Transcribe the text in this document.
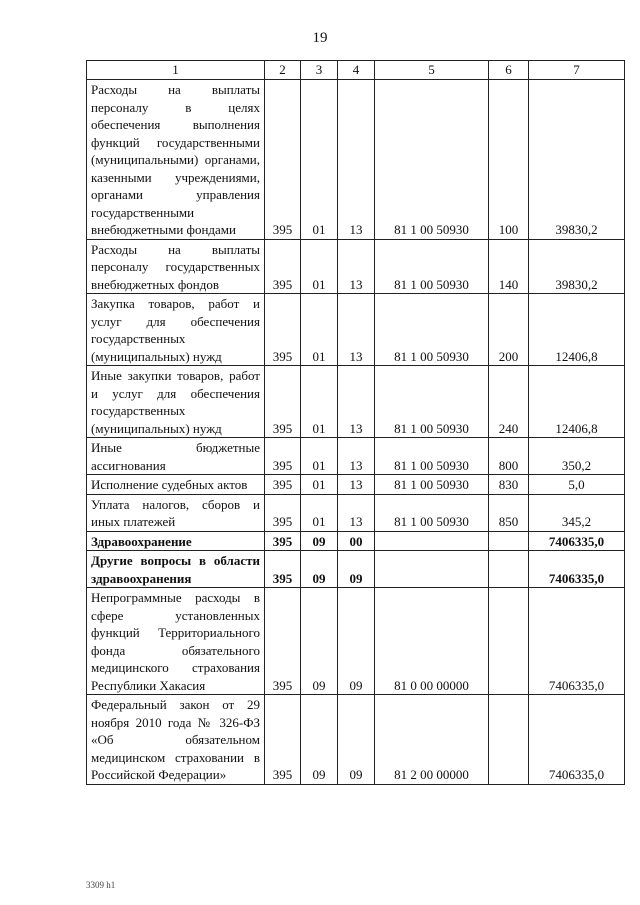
19
1	2	3	4	5	6	7
Расходы на выплаты персоналу в целях обеспечения выполнения функций государственными (муниципальными) органами, казенными учреждениями, органами управления государственными внебюджетными фондами	395	01	13	81 1 00 50930	100	39830,2
Расходы на выплаты персоналу государственных внебюджетных фондов	395	01	13	81 1 00 50930	140	39830,2
Закупка товаров, работ и услуг для обеспечения государственных (муниципальных) нужд	395	01	13	81 1 00 50930	200	12406,8
Иные закупки товаров, работ и услуг для обеспечения государственных (муниципальных) нужд	395	01	13	81 1 00 50930	240	12406,8
Иные бюджетные ассигнования	395	01	13	81 1 00 50930	800	350,2
Исполнение судебных актов	395	01	13	81 1 00 50930	830	5,0
Уплата налогов, сборов и иных платежей	395	01	13	81 1 00 50930	850	345,2
Здравоохранение	395	09	00			7406335,0
Другие вопросы в области здравоохранения	395	09	09			7406335,0
Непрограммные расходы в сфере установленных функций Территориального фонда обязательного медицинского страхования Республики Хакасия	395	09	09	81 0 00 00000		7406335,0
Федеральный закон от 29 ноября 2010 года № 326-ФЗ «Об обязательном медицинском страховании в Российской Федерации»	395	09	09	81 2 00 00000		7406335,0
3309 h1
